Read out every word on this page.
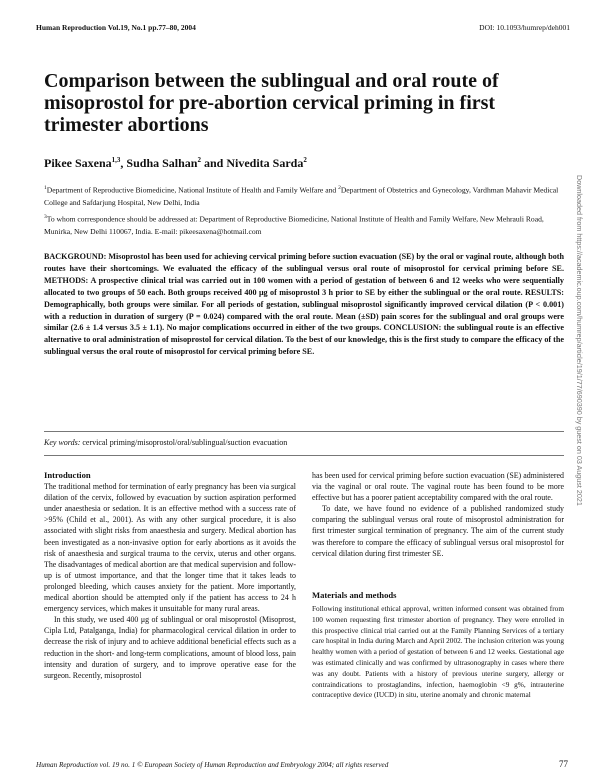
Human Reproduction Vol.19, No.1 pp.77–80, 2004	DOI: 10.1093/humrep/deh001
Comparison between the sublingual and oral route of misoprostol for pre-abortion cervical priming in first trimester abortions
Pikee Saxena$^{1,3}$, Sudha Salhan$^2$ and Nivedita Sarda$^2$
$^1$Department of Reproductive Biomedicine, National Institute of Health and Family Welfare and $^2$Department of Obstetrics and Gynecology, Vardhman Mahavir Medical College and Safdarjung Hospital, New Delhi, India
$^3$To whom correspondence should be addressed at: Department of Reproductive Biomedicine, National Institute of Health and Family Welfare, New Mehrauli Road, Munirka, New Delhi 110067, India. E-mail: pikeesaxena@hotmail.com
BACKGROUND: Misoprostol has been used for achieving cervical priming before suction evacuation (SE) by the oral or vaginal route, although both routes have their shortcomings. We evaluated the efficacy of the sublingual versus oral route of misoprostol for cervical priming before SE. METHODS: A prospective clinical trial was carried out in 100 women with a period of gestation of between 6 and 12 weeks who were sequentially allocated to two groups of 50 each. Both groups received 400 μg of misoprostol 3 h prior to SE by either the sublingual or the oral route. RESULTS: Demographically, both groups were similar. For all periods of gestation, sublingual misoprostol significantly improved cervical dilation (P < 0.001) with a reduction in duration of surgery (P = 0.024) compared with the oral route. Mean (±SD) pain scores for the sublingual and oral groups were similar (2.6 ± 1.4 versus 3.5 ± 1.1). No major complications occurred in either of the two groups. CONCLUSION: the sublingual route is an effective alternative to oral administration of misoprostol for cervical dilation. To the best of our knowledge, this is the first study to compare the efficacy of the sublingual versus the oral route of misoprostol for cervical priming before SE.
Key words: cervical priming/misoprostol/oral/sublingual/suction evacuation

Introduction

The traditional method for termination of early pregnancy has been via surgical dilation of the cervix, followed by evacuation by suction aspiration performed under anaesthesia or sedation. It is an effective method with a success rate of >95% (Child et al., 2001). As with any other surgical procedure, it is also associated with slight risks from anaesthesia and surgery. Medical abortion has been investigated as a non-invasive option for early abortions as it avoids the risk of anaesthesia and surgical trauma to the cervix, uterus and other organs. The disadvantages of medical abortion are that medical supervision and follow-up is of utmost importance, and that the longer time that it takes leads to prolonged bleeding, which causes anxiety for the patient. More importantly, medical abortion should be attempted only if the patient has access to 24 h emergency services, which makes it unsuitable for many rural areas.

In this study, we used 400 μg of sublingual or oral misoprostol (Misoprost, Cipla Ltd, Patalganga, India) for pharmacological cervical dilation in order to decrease the risk of injury and to achieve additional beneficial effects such as a reduction in the short- and long-term complications, amount of blood loss, pain intensity and duration of surgery, and to improve operative ease for the surgeon. Recently, misoprostol

has been used for cervical priming before suction evacuation (SE) administered via the vaginal or oral route. The vaginal route has been found to be more effective but has a poorer patient acceptability compared with the oral route.

To date, we have found no evidence of a published randomized study comparing the sublingual versus oral route of misoprostol administration for first trimester surgical termination of pregnancy. The aim of the current study was therefore to compare the efficacy of sublingual versus oral misoprostol for cervical dilation during first trimester SE.

Materials and methods

Following institutional ethical approval, written informed consent was obtained from 100 women requesting first trimester abortion of pregnancy. They were enrolled in this prospective clinical trial carried out at the Family Planning Services of a tertiary care hospital in India during March and April 2002. The inclusion criterion was young healthy women with a period of gestation of between 6 and 12 weeks. Gestational age was estimated clinically and was confirmed by ultrasonography in cases where there was any doubt. Patients with a history of previous uterine surgery, allergy or contraindications to prostaglandins, infection, haemoglobin <9 g%, intrauterine contraceptive device (IUCD) in situ, uterine anomaly and chronic maternal

Human Reproduction vol. 19 no. 1 © European Society of Human Reproduction and Embryology 2004; all rights reserved	77
Downloaded from https://academic.oup.com/humrep/article/19/1/77/690390 by guest on 03 August 2021
